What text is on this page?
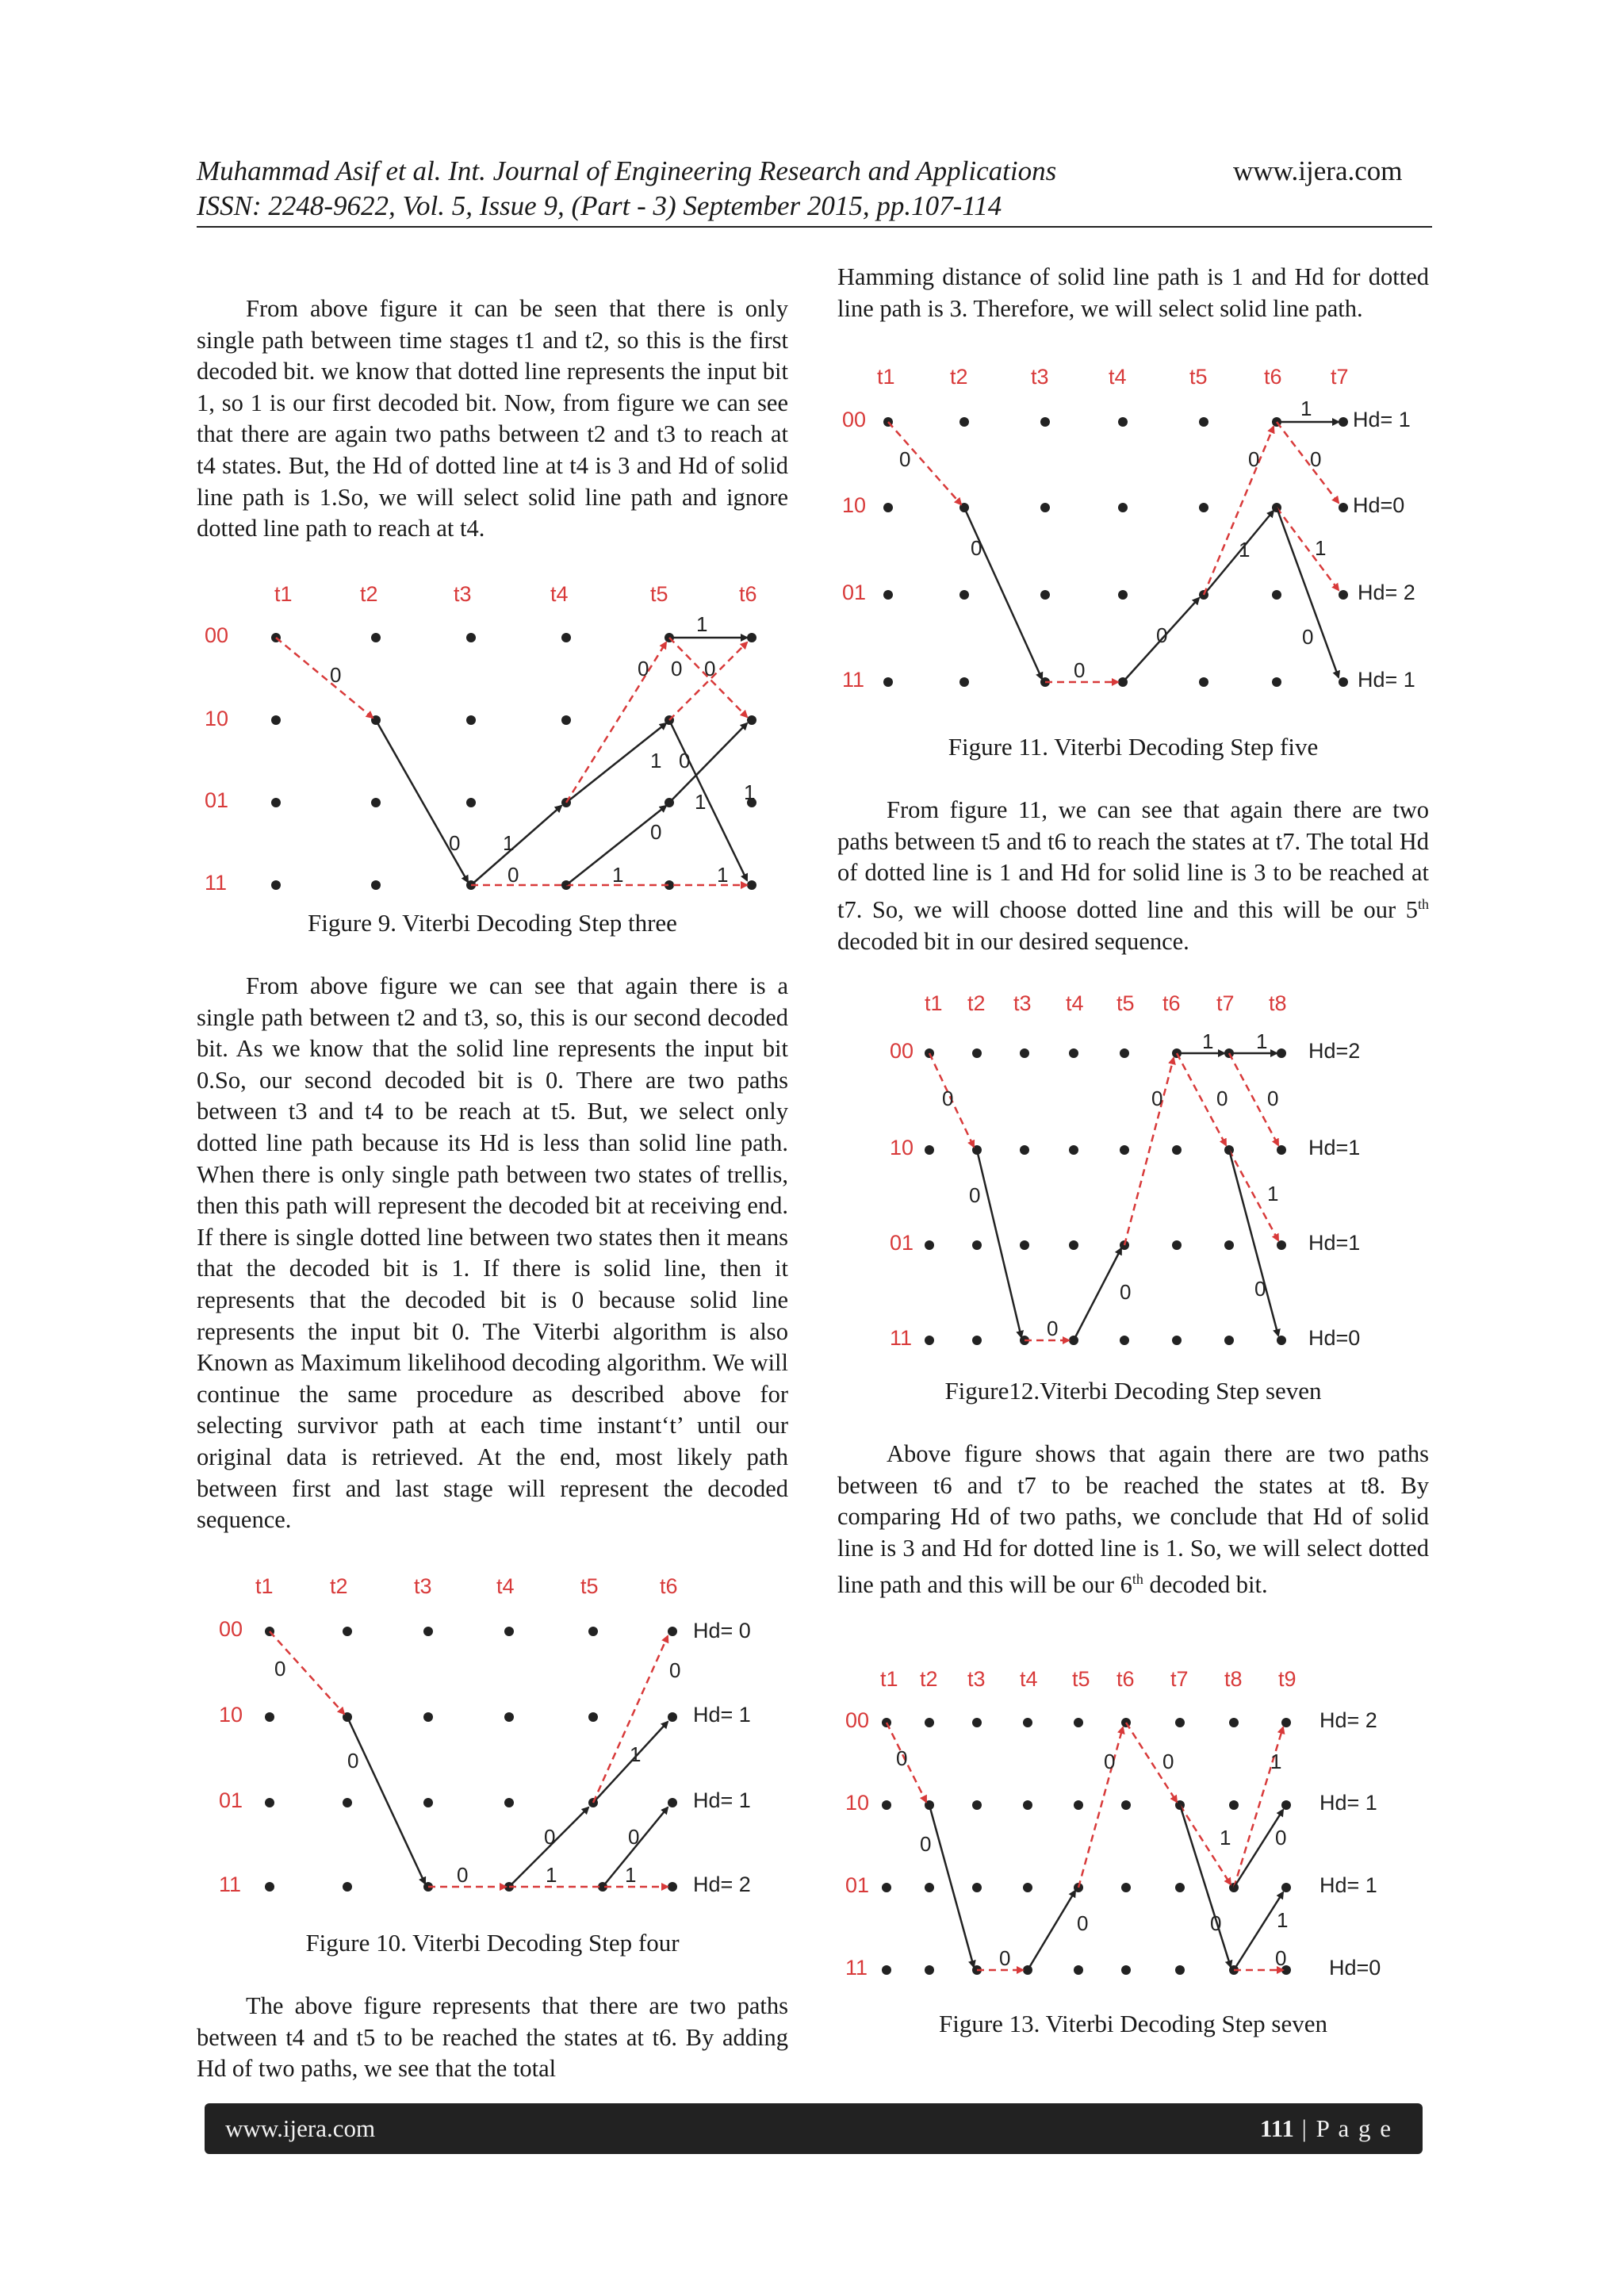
Muhammad Asif et al. Int. Journal of Engineering Research and Applications
ISSN: 2248-9622, Vol. 5, Issue 9, (Part - 3) September 2015, pp.107-114
www.ijera.com

From above figure it can be seen that there is only single path between time stages t1 and t2, so this is the first decoded bit. we know that dotted line represents the input bit 1, so 1 is our first decoded bit. Now, from figure we can see that there are again two paths between t2 and t3 to reach at t4 states. But, the Hd of dotted line at t4 is 3 and Hd of solid line path is 1.So, we will select solid line path and ignore dotted line path to reach at t4.

t1	t2	t3	t4	t5	t6
00
10
01
11
0
0 1
0	1	1
1 0
1
0 0 0
0
1 1
Figure 9. Viterbi Decoding Step three

From above figure we can see that again there is a single path between t2 and t3, so, this is our second decoded bit. As we know that the solid line represents the input bit 0.So, our second decoded bit is 0. There are two paths between t3 and t4 to be reach at t5. But, we select only dotted line path because its Hd is less than solid line path. When there is only single path between two states of trellis, then this path will represent the decoded bit at receiving end. If there is single dotted line between two states then it means that the decoded bit is 1. If there is solid line, then it represents that the decoded bit is 0 because solid line represents the input bit 0. The Viterbi algorithm is also Known as Maximum likelihood decoding algorithm. We will continue the same procedure as described above for selecting survivor path at each time instant‘t’ until our original data is retrieved. At the end, most likely path between first and last stage will represent the decoded sequence.

t1	t2	t3	t4	t5	t6
00
10
01
11
0
0
0	1	1
0	0
1
0
Hd= 0
Hd= 1
Hd= 1
Hd= 2
Figure 10. Viterbi Decoding Step four

The above figure represents that there are two paths between t4 and t5 to be reached the states at t6. By adding Hd of two paths, we see that the total

Hamming distance of solid line path is 1 and Hd for dotted line path is 3. Therefore, we will select solid line path.

t1	t2	t3	t4	t5	t6 t7
00
10
01
11
0
0
0
0
1
0
1
0
1
0
Hd= 1
Hd=0
Hd= 2
Hd= 1
Figure 11. Viterbi Decoding Step five

From figure 11, we can see that again there are two paths between t5 and t6 to reach the states at t7. The total Hd of dotted line is 1 and Hd for solid line is 3 to be reached at t7. So, we will choose dotted line and this will be our 5th decoded bit in our desired sequence.

t1 t2 t3 t4 t5 t6 t7 t8
00
10
01
11
0
0
0
0
0
1 1
0 0
1
0
Hd=2
Hd=1
Hd=1
Hd=0
Figure12.Viterbi Decoding Step seven

Above figure shows that again there are two paths between t6 and t7 to be reached the states at t8. By comparing Hd of two paths, we conclude that Hd of solid line is 3 and Hd for dotted line is 1. So, we will select dotted line path and this will be our 6th decoded bit.

t1 t2 t3 t4 t5 t6 t7 t8 t9
00
10
01
11
0
0
0
0
0 0
1
0
1
0
1
0
Hd= 2
Hd= 1
Hd= 1
Hd=0
Figure 13. Viterbi Decoding Step seven
www.ijera.com	111 | P a g e
